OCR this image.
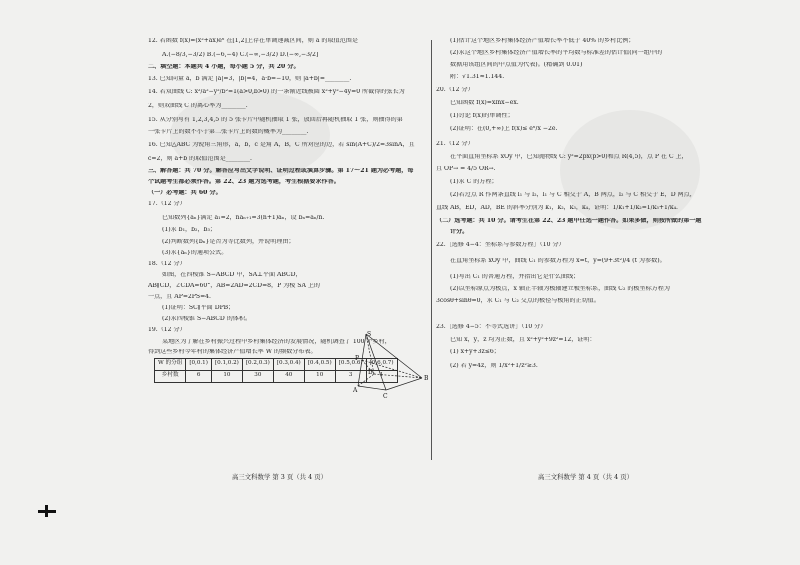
12. 若函数 f(x)=(x²+ax)eˣ 在[1,2]上存在单调递减区间，则 a 的取值范围是

A.(−8/3,−3/2) B.(−6,−4) C.(−∞,−3/2) D.(−∞,−3/2]

二、填空题：本题共 4 小题，每小题 5 分，共 20 分。

13. 已知向量 a，b 满足 |a|=3，|b|=4，a·b=−10，则 |a+b|=________.

14. 若双曲线 C: x²/a²−y²/b²=1(a>0,b>0) 的一条渐近线被圆 x²+y²−4y=0 所截得的弦长为

2，则双曲线 C 的离心率为________.

15. 从分别写有 1,2,3,4,5 的 5 张卡片中随机抽取 1 张，放回后再随机抽取 1 张，则抽得的第

一张卡片上的数不小于第二张卡片上的数的概率为________.

16. 已知△ABC 为锐角三角形，a，b，c 是角 A，B，C 所对应的边，若 sin(A+C)/2=3sinA，且

c=2，则 a+b 的取值范围是________.

三、解答题：共 70 分。解答应写出文字说明、证明过程或演算步骤。第 17～21 题为必考题，每

个试题考生都必须作答。第 22、23 题为选考题，考生根据要求作答。

（一）必考题：共 60 分。

17.（12 分）

已知数列{aₙ}满足 a₁=2，naₙ₊₁=3(n+1)aₙ，设 bₙ=aₙ/n.

(1)求 b₁，b₂，b₃；

(2)判断数列{bₙ}是否为等比数列，并说明理由；

(3)求{aₙ}的通项公式。

18.（12 分）

如图，在四棱锥 S−ABCD 中，SA⊥平面 ABCD，

AB∥CD，∠CDA=60°，AB=2AD=2CD=8，P 为棱 SA 上的

一点，且 AP=2PS=4.

(1)证明：SC∥平面 DPB；

(2)求四棱锥 S−ABCD 的体积。

19.（12 分）

某地区为了解在乡村振兴过程中乡村集体经济的发展情况，随机调查了 100 个乡村，

得到这些乡村今年村的集体经济产值增长率 W 的频数分布表。

W 的分组	[0,0.1)	[0.1,0.2)	[0.2,0.3)	[0.3,0.4)	[0.4,0.5)	[0.5,0.6)	[0.6,0.7)
乡村数	6	10	30	40	10	3	1
S
P
D
A
C
B

(1)估计这个地区乡村集体经济产值增长率不低于 40% 的乡村比例；

(2)求这个地区乡村集体经济产值增长率的平均数与标准差的估计值(同一组中的

数据用该组区间的中点值为代表)。(精确到 0.01)

附：√1.31≈1.144.

20.（12 分）

已知函数 f(x)=xlnx−ex.

(1)讨论 f(x)的单调性；

(2)证明：在(0,+∞)上 f(x)≤ eˣ/x −2e.

21.（12 分）

在平面直角坐标系 xOy 中，已知抛物线 C: y²=2px(p>0)和点 R(4,5)，点 P 在 C 上，

且 OP→ = 4/5 OR→.

(1)求 C 的方程；

(2)若过点 R 作两条直线 l₁ 与 l₂，l₁ 与 C 相交于 A，B 两点，l₂ 与 C 相交于 E，D 两点，

直线 AB，ED，AD，BE 的斜率分别为 k₁，k₂，k₃，k₄，证明：1/k₁+1/k₂=1/k₃+1/k₄.

（二）选考题：共 10 分。请考生在第 22、23 题中任选一题作答。如果多做，则按所做的第一题

计分。

22.［选修 4−4：坐标系与参数方程］（10 分）

在直角坐标系 xOy 中，曲线 C₁ 的参数方程为 x=t，y=(9+3t²)/4 (t 为参数)。

(1)写出 C₁ 的普通方程，并指出它是什么曲线；

(2)以坐标原点为极点，x 轴正半轴为极轴建立极坐标系，曲线 C₂ 的极坐标方程为

3cosθ+sinθ=0，求 C₁ 与 C₂ 交点的极径与极角的正切值。

23.［选修 4−5：不等式选讲］（10 分）

已知 x，y，z 均为正数，且 x²+y²+9z²=12，证明：

(1) x+y+3z≤6；

(2) 若 y=4z，则 1/x²+1/z²≥3.

高三文科数学 第 3 页（共 4 页）	高三文科数学 第 4 页（共 4 页）
